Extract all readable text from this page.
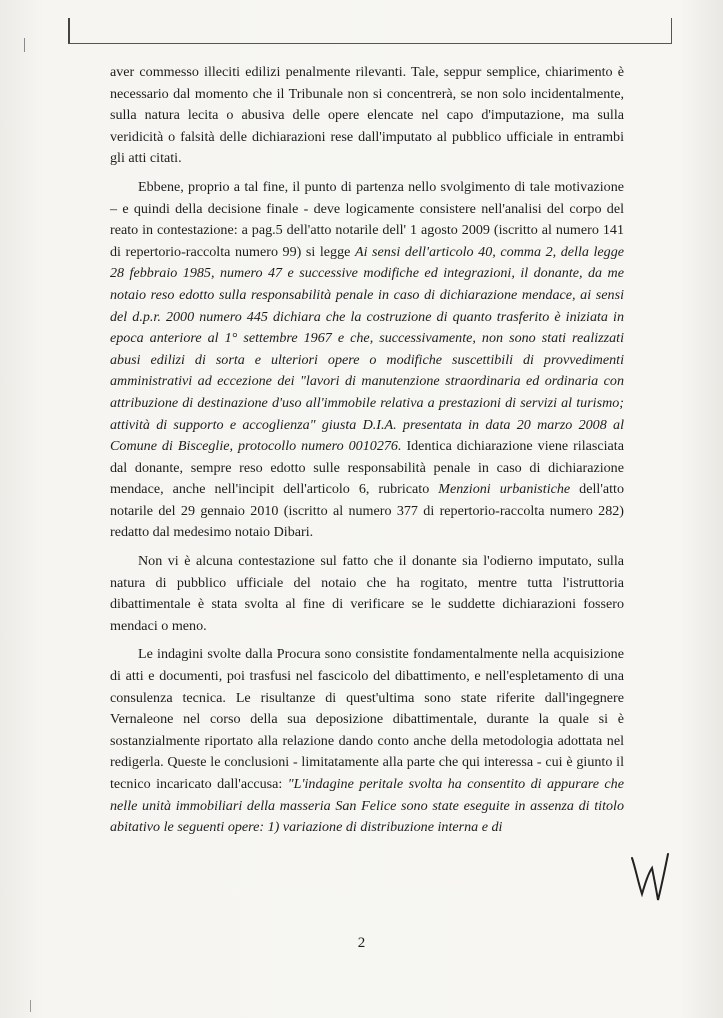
aver commesso illeciti edilizi penalmente rilevanti. Tale, seppur semplice, chiarimento è necessario dal momento che il Tribunale non si concentrerà, se non solo incidentalmente, sulla natura lecita o abusiva delle opere elencate nel capo d'imputazione, ma sulla veridicità o falsità delle dichiarazioni rese dall'imputato al pubblico ufficiale in entrambi gli atti citati.

Ebbene, proprio a tal fine, il punto di partenza nello svolgimento di tale motivazione – e quindi della decisione finale - deve logicamente consistere nell'analisi del corpo del reato in contestazione: a pag.5 dell'atto notarile dell' 1 agosto 2009 (iscritto al numero 141 di repertorio-raccolta numero 99) si legge Ai sensi dell'articolo 40, comma 2, della legge 28 febbraio 1985, numero 47 e successive modifiche ed integrazioni, il donante, da me notaio reso edotto sulla responsabilità penale in caso di dichiarazione mendace, ai sensi del d.p.r. 2000 numero 445 dichiara che la costruzione di quanto trasferito è iniziata in epoca anteriore al 1° settembre 1967 e che, successivamente, non sono stati realizzati abusi edilizi di sorta e ulteriori opere o modifiche suscettibili di provvedimenti amministrativi ad eccezione dei "lavori di manutenzione straordinaria ed ordinaria con attribuzione di destinazione d'uso all'immobile relativa a prestazioni di servizi al turismo; attività di supporto e accoglienza" giusta D.I.A. presentata in data 20 marzo 2008 al Comune di Bisceglie, protocollo numero 0010276. Identica dichiarazione viene rilasciata dal donante, sempre reso edotto sulle responsabilità penale in caso di dichiarazione mendace, anche nell'incipit dell'articolo 6, rubricato Menzioni urbanistiche dell'atto notarile del 29 gennaio 2010 (iscritto al numero 377 di repertorio-raccolta numero 282) redatto dal medesimo notaio Dibari.

Non vi è alcuna contestazione sul fatto che il donante sia l'odierno imputato, sulla natura di pubblico ufficiale del notaio che ha rogitato, mentre tutta l'istruttoria dibattimentale è stata svolta al fine di verificare se le suddette dichiarazioni fossero mendaci o meno.

Le indagini svolte dalla Procura sono consistite fondamentalmente nella acquisizione di atti e documenti, poi trasfusi nel fascicolo del dibattimento, e nell'espletamento di una consulenza tecnica. Le risultanze di quest'ultima sono state riferite dall'ingegnere Vernaleone nel corso della sua deposizione dibattimentale, durante la quale si è sostanzialmente riportato alla relazione dando conto anche della metodologia adottata nel redigerla. Queste le conclusioni - limitatamente alla parte che qui interessa - cui è giunto il tecnico incaricato dall'accusa: "L'indagine peritale svolta ha consentito di appurare che nelle unità immobiliari della masseria San Felice sono state eseguite in assenza di titolo abitativo le seguenti opere: 1) variazione di distribuzione interna e di

2
